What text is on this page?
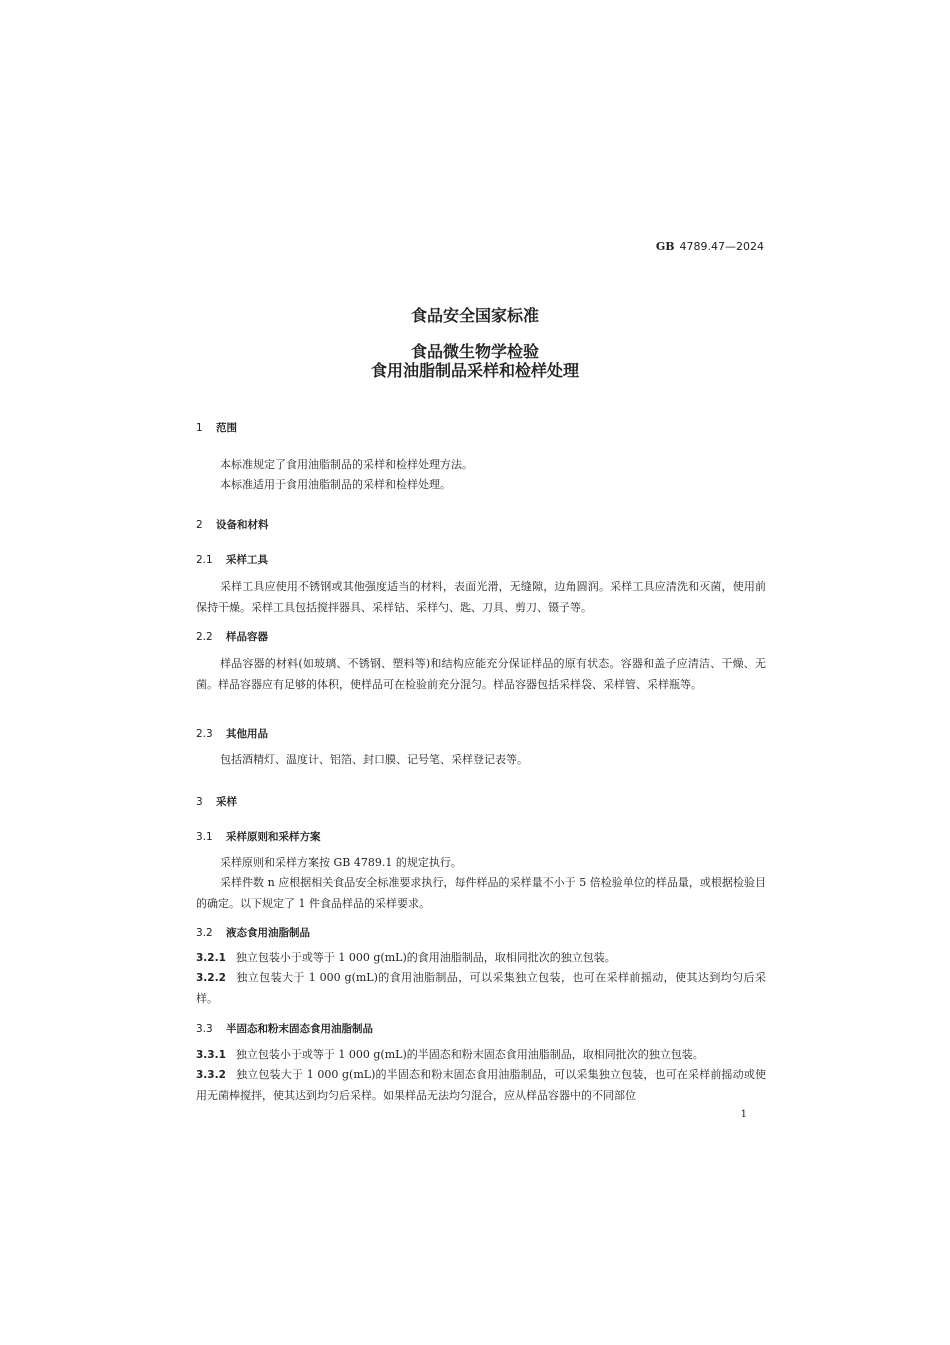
GB 4789.47—2024
食品安全国家标准
食品微生物学检验
食用油脂制品采样和检样处理
1 范围
本标准规定了食用油脂制品的采样和检样处理方法。
本标准适用于食用油脂制品的采样和检样处理。
2 设备和材料
2.1 采样工具
采样工具应使用不锈钢或其他强度适当的材料，表面光滑，无缝隙，边角圆润。采样工具应清洗和灭菌，使用前保持干燥。采样工具包括搅拌器具、采样钻、采样勺、匙、刀具、剪刀、镊子等。
2.2 样品容器
样品容器的材料(如玻璃、不锈钢、塑料等)和结构应能充分保证样品的原有状态。容器和盖子应清洁、干燥、无菌。样品容器应有足够的体积，使样品可在检验前充分混匀。样品容器包括采样袋、采样管、采样瓶等。
2.3 其他用品
包括酒精灯、温度计、铝箔、封口膜、记号笔、采样登记表等。
3 采样
3.1 采样原则和采样方案
采样原则和采样方案按 GB 4789.1 的规定执行。
采样件数 n 应根据相关食品安全标准要求执行，每件样品的采样量不小于 5 倍检验单位的样品量，或根据检验目的确定。以下规定了 1 件食品样品的采样要求。
3.2 液态食用油脂制品
3.2.1 独立包装小于或等于 1 000 g(mL)的食用油脂制品，取相同批次的独立包装。
3.2.2 独立包装大于 1 000 g(mL)的食用油脂制品，可以采集独立包装，也可在采样前摇动，使其达到均匀后采样。
3.3 半固态和粉末固态食用油脂制品
3.3.1 独立包装小于或等于 1 000 g(mL)的半固态和粉末固态食用油脂制品，取相同批次的独立包装。
3.3.2 独立包装大于 1 000 g(mL)的半固态和粉末固态食用油脂制品，可以采集独立包装，也可在采样前摇动或使用无菌棒搅拌，使其达到均匀后采样。如果样品无法均匀混合，应从样品容器中的不同部位
1
